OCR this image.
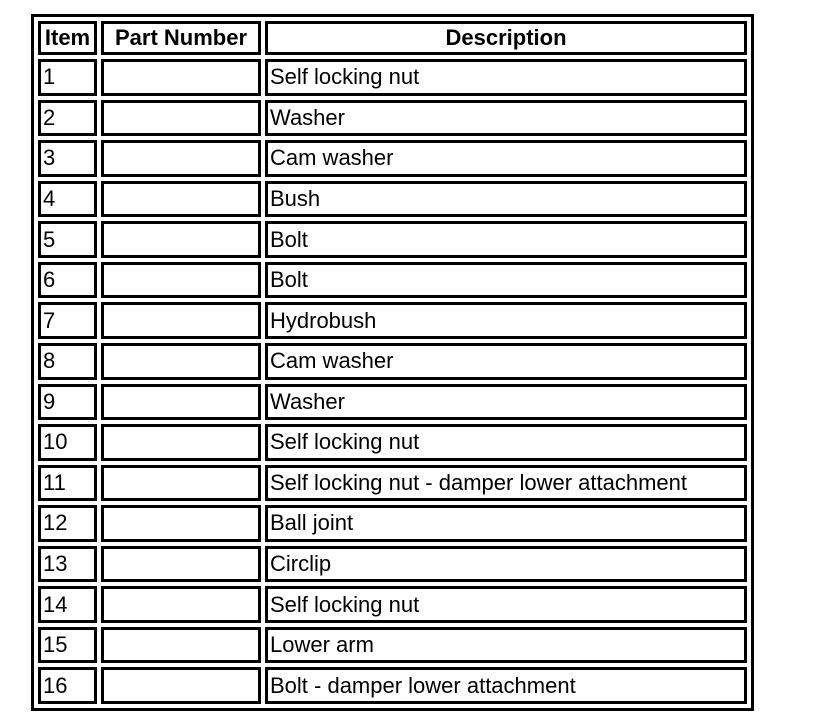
Item	Part Number	Description
1		Self locking nut
2		Washer
3		Cam washer
4		Bush
5		Bolt
6		Bolt
7		Hydrobush
8		Cam washer
9		Washer
10		Self locking nut
11		Self locking nut - damper lower attachment
12		Ball joint
13		Circlip
14		Self locking nut
15		Lower arm
16		Bolt - damper lower attachment
